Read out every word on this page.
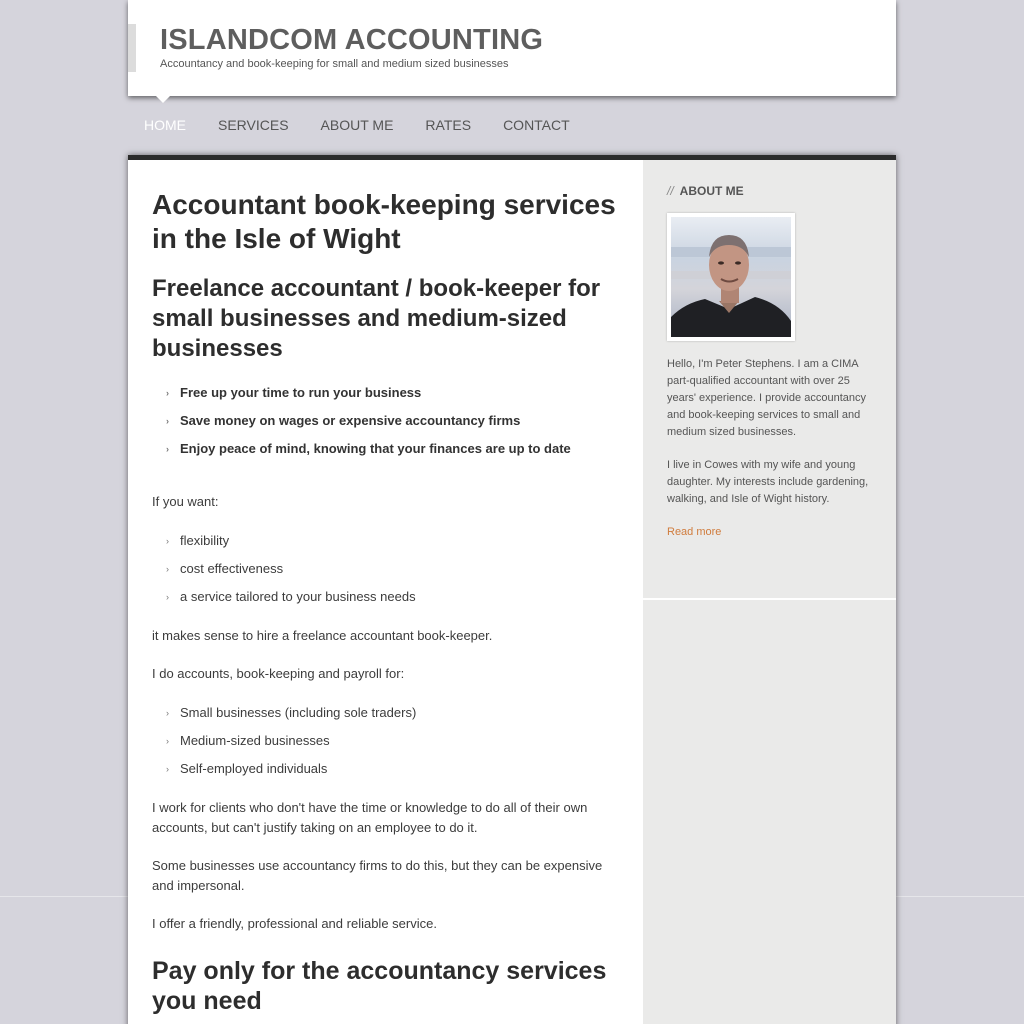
ISLANDCOM ACCOUNTING
Accountancy and book-keeping for small and medium sized businesses
HOME SERVICES ABOUT ME RATES CONTACT
Accountant book-keeping services in the Isle of Wight
Freelance accountant / book-keeper for small businesses and medium-sized businesses
› Free up your time to run your business
› Save money on wages or expensive accountancy firms
› Enjoy peace of mind, knowing that your finances are up to date

If you want:

› flexibility
› cost effectiveness
› a service tailored to your business needs

it makes sense to hire a freelance accountant book-keeper.

I do accounts, book-keeping and payroll for:

› Small businesses (including sole traders)
› Medium-sized businesses
› Self-employed individuals

I work for clients who don't have the time or knowledge to do all of their own accounts, but can't justify taking on an employee to do it.

Some businesses use accountancy firms to do this, but they can be expensive and impersonal.

I offer a friendly, professional and reliable service.

Pay only for the accountancy services you need
// ABOUT ME

Hello, I'm Peter Stephens. I am a CIMA part-qualified accountant with over 25 years' experience. I provide accountancy and book-keeping services to small and medium sized businesses.

I live in Cowes with my wife and young daughter. My interests include gardening, walking, and Isle of Wight history.

Read more
